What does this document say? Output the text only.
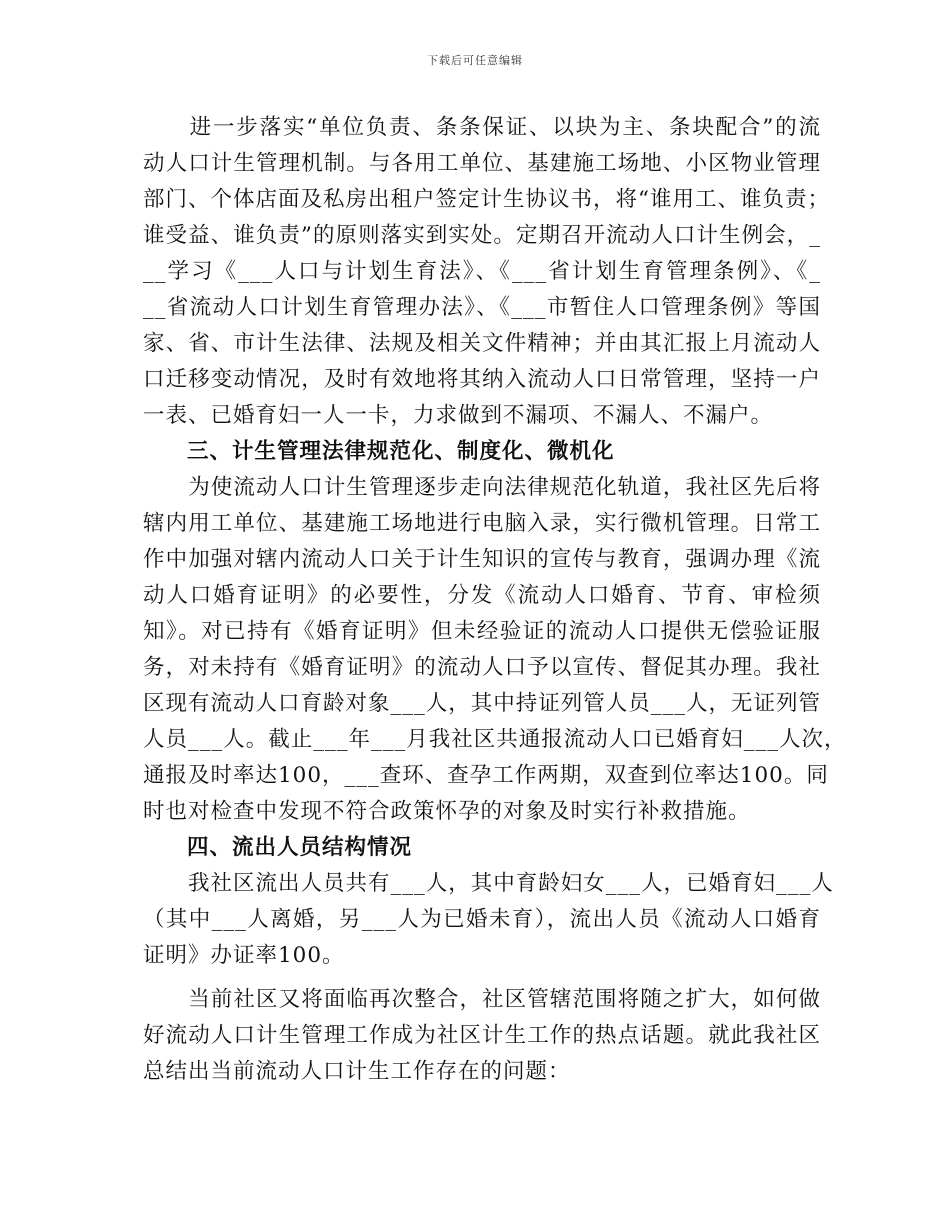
下载后可任意编辑
　　进一步落实“单位负责、条条保证、以块为主、条块配合”的流
动人口计生管理机制。与各用工单位、基建施工场地、小区物业管理
部门、个体店面及私房出租户签定计生协议书，将“谁用工、谁负责；
谁受益、谁负责”的原则落实到实处。定期召开流动人口计生例会，_
__学习《___人口与计划生育法》、《___省计划生育管理条例》、《_
__省流动人口计划生育管理办法》、《___市暂住人口管理条例》等国
家、省、市计生法律、法规及相关文件精神；并由其汇报上月流动人
口迁移变动情况，及时有效地将其纳入流动人口日常管理，坚持一户
一表、已婚育妇一人一卡，力求做到不漏项、不漏人、不漏户。
三、计生管理法律规范化、制度化、微机化
　　为使流动人口计生管理逐步走向法律规范化轨道，我社区先后将
辖内用工单位、基建施工场地进行电脑入录，实行微机管理。日常工
作中加强对辖内流动人口关于计生知识的宣传与教育，强调办理《流
动人口婚育证明》的必要性，分发《流动人口婚育、节育、审检须
知》。对已持有《婚育证明》但未经验证的流动人口提供无偿验证服
务，对未持有《婚育证明》的流动人口予以宣传、督促其办理。我社
区现有流动人口育龄对象___人，其中持证列管人员___人，无证列管
人员___人。截止___年___月我社区共通报流动人口已婚育妇___人次，
通报及时率达100，___查环、查孕工作两期，双查到位率达100。同
时也对检查中发现不符合政策怀孕的对象及时实行补救措施。
四、流出人员结构情况
　　我社区流出人员共有___人，其中育龄妇女___人，已婚育妇___人
（其中___人离婚，另___人为已婚未育），流出人员《流动人口婚育
证明》办证率100。
　　当前社区又将面临再次整合，社区管辖范围将随之扩大，如何做
好流动人口计生管理工作成为社区计生工作的热点话题。就此我社区
总结出当前流动人口计生工作存在的问题：
